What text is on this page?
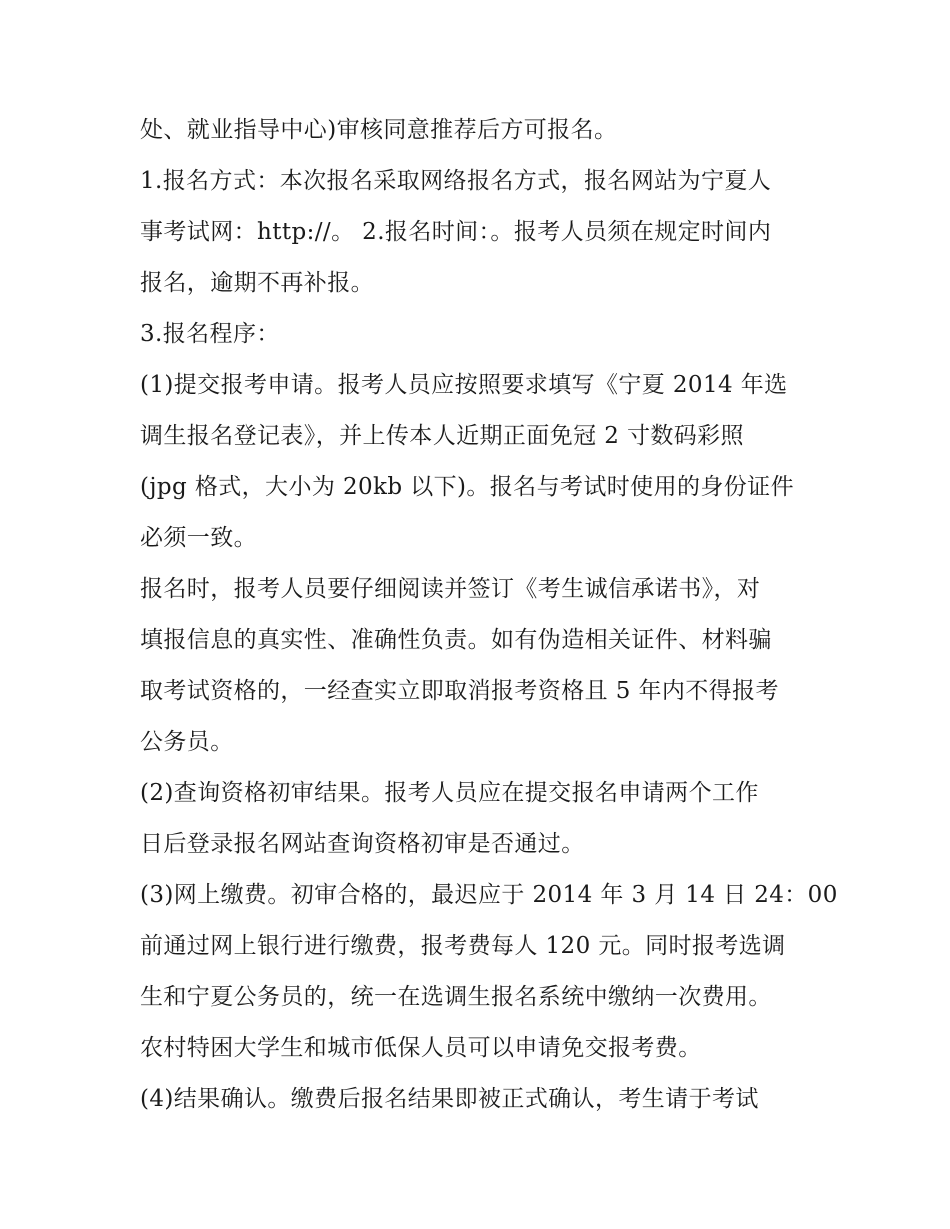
处、就业指导中心)审核同意推荐后方可报名。
1.报名方式：本次报名采取网络报名方式，报名网站为宁夏人
事考试网：http://。 2.报名时间：。报考人员须在规定时间内
报名，逾期不再补报。
3.报名程序：
(1)提交报考申请。报考人员应按照要求填写《宁夏 2014 年选
调生报名登记表》，并上传本人近期正面免冠 2 寸数码彩照
(jpg 格式，大小为 20kb 以下)。报名与考试时使用的身份证件
必须一致。
报名时，报考人员要仔细阅读并签订《考生诚信承诺书》，对
填报信息的真实性、准确性负责。如有伪造相关证件、材料骗
取考试资格的，一经查实立即取消报考资格且 5 年内不得报考
公务员。
(2)查询资格初审结果。报考人员应在提交报名申请两个工作
日后登录报名网站查询资格初审是否通过。
(3)网上缴费。初审合格的，最迟应于 2014 年 3 月 14 日 24：00
前通过网上银行进行缴费，报考费每人 120 元。同时报考选调
生和宁夏公务员的，统一在选调生报名系统中缴纳一次费用。
农村特困大学生和城市低保人员可以申请免交报考费。
(4)结果确认。缴费后报名结果即被正式确认，考生请于考试
